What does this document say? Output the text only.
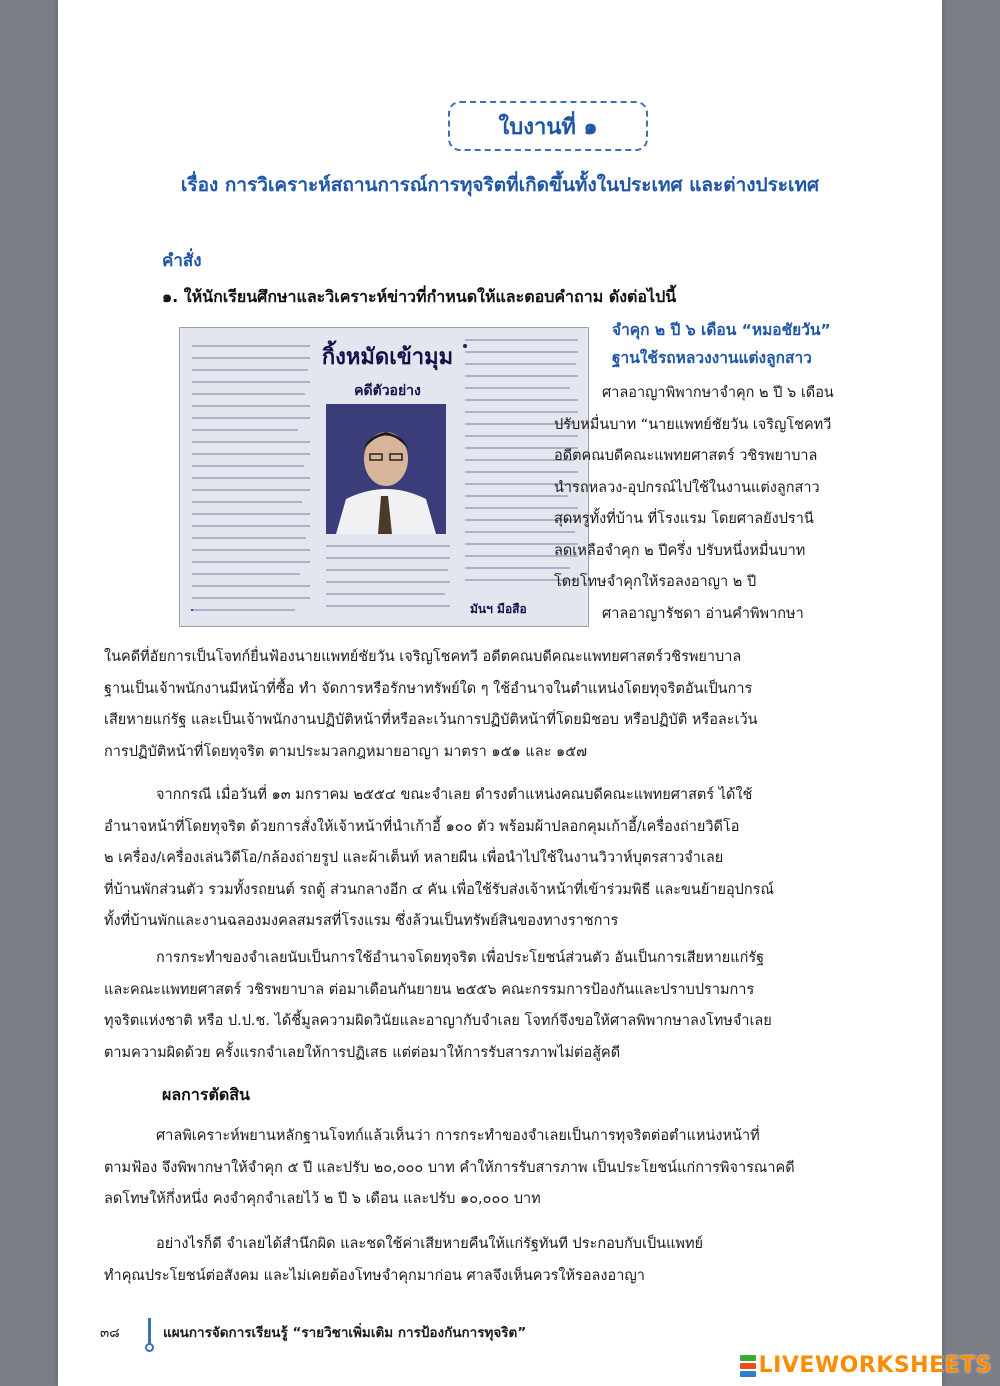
ใบงานที่ ๑
เรื่อง การวิเคราะห์สถานการณ์การทุจริตที่เกิดขึ้นทั้งในประเทศ และต่างประเทศ
คำสั่ง
๑. ให้นักเรียนศึกษาและวิเคราะห์ข่าวที่กำหนดให้และตอบคำถาม ดังต่อไปนี้
กิ้งหมัดเข้ามุม
คดีตัวอย่าง
มันฯ มือสือ
จำคุก ๒ ปี ๖ เดือน “หมอชัยวัน”
ฐานใช้รถหลวงงานแต่งลูกสาว
ศาลอาญาพิพากษาจำคุก ๒ ปี ๖ เดือน
ปรับหมื่นบาท “นายแพทย์ชัยวัน เจริญโชคทวี
อดีตคณบดีคณะแพทยศาสตร์ วชิรพยาบาล
นำรถหลวง-อุปกรณ์ไปใช้ในงานแต่งลูกสาว
สุดหรูทั้งที่บ้าน ที่โรงแรม โดยศาลยังปรานี
ลดเหลือจำคุก ๒ ปีครึ่ง ปรับหนึ่งหมื่นบาท
โดยโทษจำคุกให้รอลงอาญา ๒ ปี
ศาลอาญารัชดา อ่านคำพิพากษา
ในคดีที่อัยการเป็นโจทก์ยื่นฟ้องนายแพทย์ชัยวัน เจริญโชคทวี อดีตคณบดีคณะแพทยศาสตร์วชิรพยาบาล
ฐานเป็นเจ้าพนักงานมีหน้าที่ซื้อ ทำ จัดการหรือรักษาทรัพย์ใด ๆ ใช้อำนาจในตำแหน่งโดยทุจริตอันเป็นการ
เสียหายแก่รัฐ และเป็นเจ้าพนักงานปฏิบัติหน้าที่หรือละเว้นการปฏิบัติหน้าที่โดยมิชอบ หรือปฏิบัติ หรือละเว้น
การปฏิบัติหน้าที่โดยทุจริต ตามประมวลกฎหมายอาญา มาตรา ๑๕๑ และ ๑๕๗
จากกรณี เมื่อวันที่ ๑๓ มกราคม ๒๕๕๔ ขณะจำเลย ดำรงตำแหน่งคณบดีคณะแพทยศาสตร์ ได้ใช้
อำนาจหน้าที่โดยทุจริต ด้วยการสั่งให้เจ้าหน้าที่นำเก้าอี้ ๑๐๐ ตัว พร้อมผ้าปลอกคุมเก้าอี้/เครื่องถ่ายวิดีโอ
๒ เครื่อง/เครื่องเล่นวิดีโอ/กล้องถ่ายรูป และผ้าเต็นท์ หลายผืน เพื่อนำไปใช้ในงานวิวาห์บุตรสาวจำเลย
ที่บ้านพักส่วนตัว รวมทั้งรถยนต์ รถตู้ ส่วนกลางอีก ๔ คัน เพื่อใช้รับส่งเจ้าหน้าที่เข้าร่วมพิธี และขนย้ายอุปกรณ์
ทั้งที่บ้านพักและงานฉลองมงคลสมรสที่โรงแรม ซึ่งล้วนเป็นทรัพย์สินของทางราชการ
การกระทำของจำเลยนับเป็นการใช้อำนาจโดยทุจริต เพื่อประโยชน์ส่วนตัว อันเป็นการเสียหายแก่รัฐ
และคณะแพทยศาสตร์ วชิรพยาบาล ต่อมาเดือนกันยายน ๒๕๕๖ คณะกรรมการป้องกันและปราบปรามการ
ทุจริตแห่งชาติ หรือ ป.ป.ช. ได้ชี้มูลความผิดวินัยและอาญากับจำเลย โจทก์จึงขอให้ศาลพิพากษาลงโทษจำเลย
ตามความผิดด้วย ครั้งแรกจำเลยให้การปฏิเสธ แต่ต่อมาให้การรับสารภาพไม่ต่อสู้คดี
ผลการตัดสิน
ศาลพิเคราะห์พยานหลักฐานโจทก์แล้วเห็นว่า การกระทำของจำเลยเป็นการทุจริตต่อตำแหน่งหน้าที่
ตามฟ้อง จึงพิพากษาให้จำคุก ๕ ปี และปรับ ๒๐,๐๐๐ บาท คำให้การรับสารภาพ เป็นประโยชน์แก่การพิจารณาคดี
ลดโทษให้กึ่งหนึ่ง คงจำคุกจำเลยไว้ ๒ ปี ๖ เดือน และปรับ ๑๐,๐๐๐ บาท
อย่างไรก็ดี จำเลยได้สำนึกผิด และชดใช้ค่าเสียหายคืนให้แก่รัฐทันที ประกอบกับเป็นแพทย์
ทำคุณประโยชน์ต่อสังคม และไม่เคยต้องโทษจำคุกมาก่อน ศาลจึงเห็นควรให้รอลงอาญา
๓๘	แผนการจัดการเรียนรู้ “รายวิชาเพิ่มเติม การป้องกันการทุจริต”
LIVEWORKSHEETS
